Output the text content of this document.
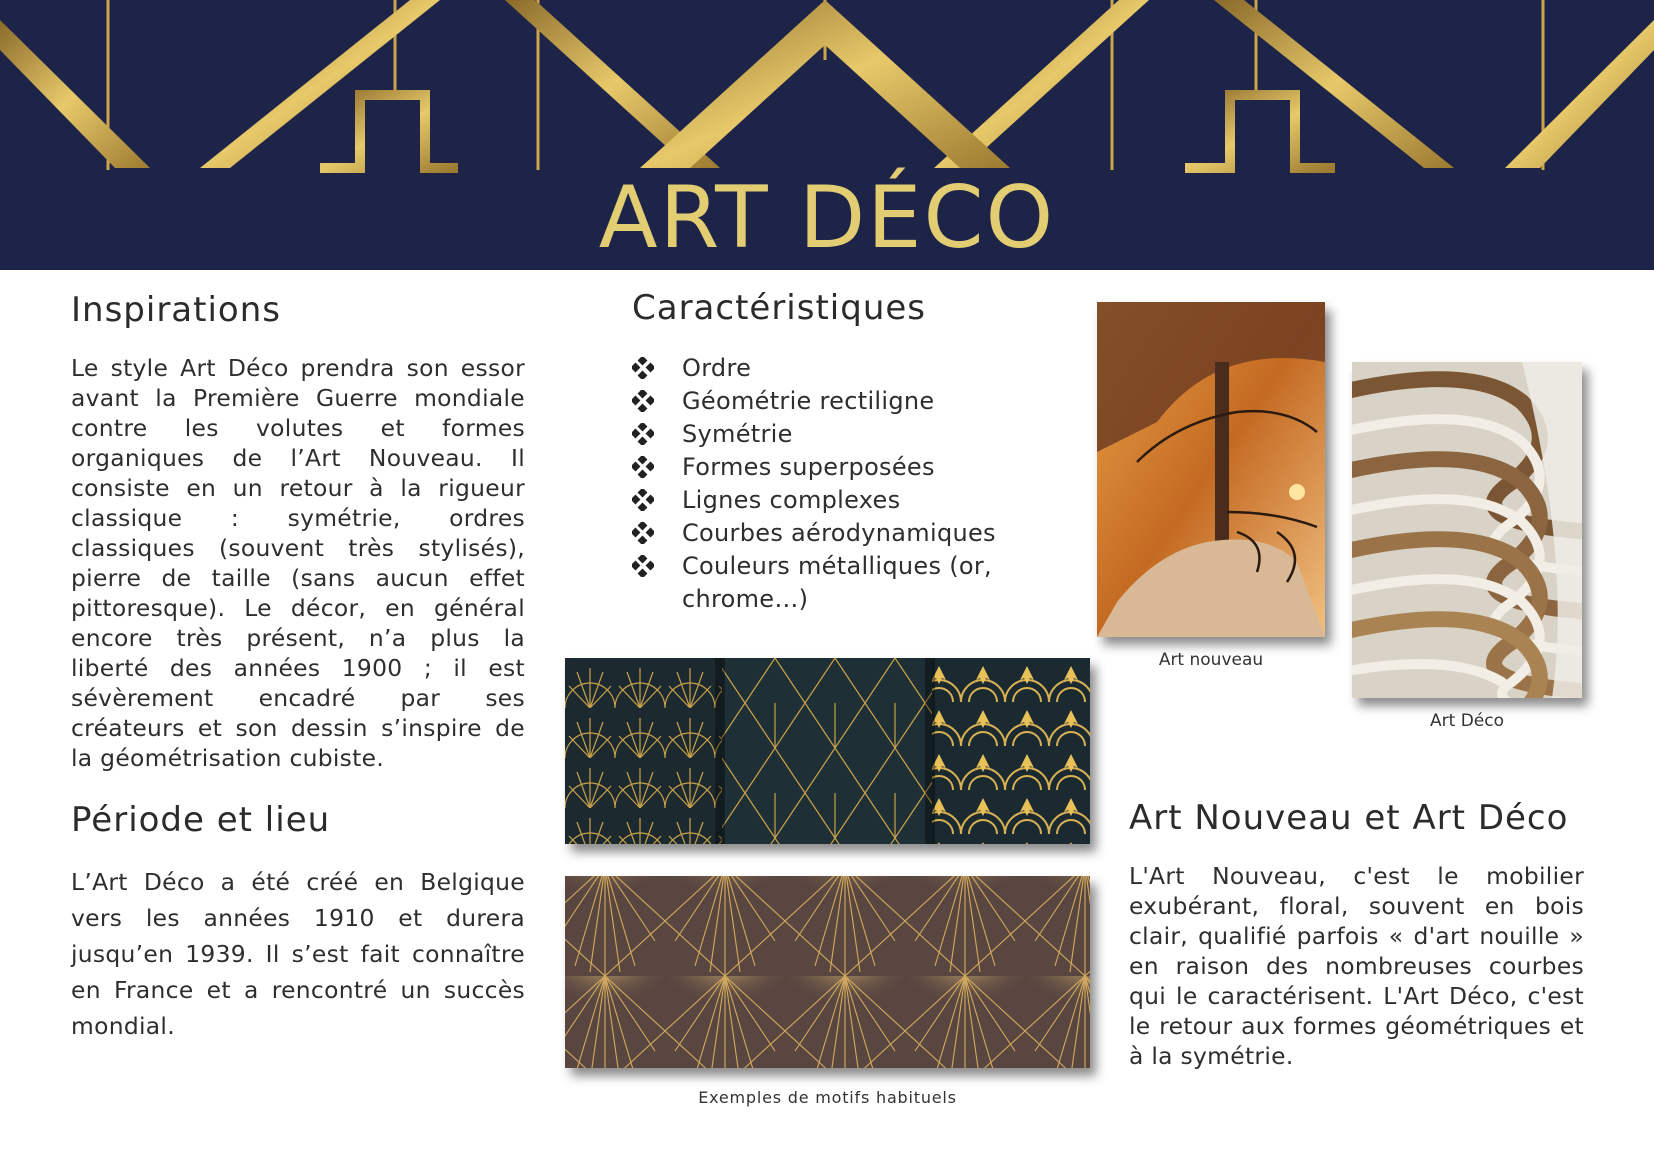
ART DÉCO
Inspirations

Le style Art Déco prendra son essor avant la Première Guerre mondiale contre les volutes et formes organiques de l’Art Nouveau. Il consiste en un retour à la rigueur classique : symétrie, ordres classiques (souvent très stylisés), pierre de taille (sans aucun effet pittoresque). Le décor, en général encore très présent, n’a plus la liberté des années 1900 ; il est sévèrement encadré par ses créateurs et son dessin s’inspire de la géométrisation cubiste.

Période et lieu

L’Art Déco a été créé en Belgique vers les années 1910 et durera jusqu’en 1939. Il s’est fait connaître en France et a rencontré un succès mondial.

Caractéristiques
Ordre
Géométrie rectiligne
Symétrie
Formes superposées
Lignes complexes
Courbes aérodynamiques
Couleurs métalliques (or, chrome…)

Exemples de motifs habituels

Art nouveau

Art Déco

Art Nouveau et Art Déco

L'Art Nouveau, c'est le mobilier exubérant, floral, souvent en bois clair, qualifié parfois « d'art nouille » en raison des nombreuses courbes qui le caractérisent. L'Art Déco, c'est le retour aux formes géométriques et à la symétrie.
